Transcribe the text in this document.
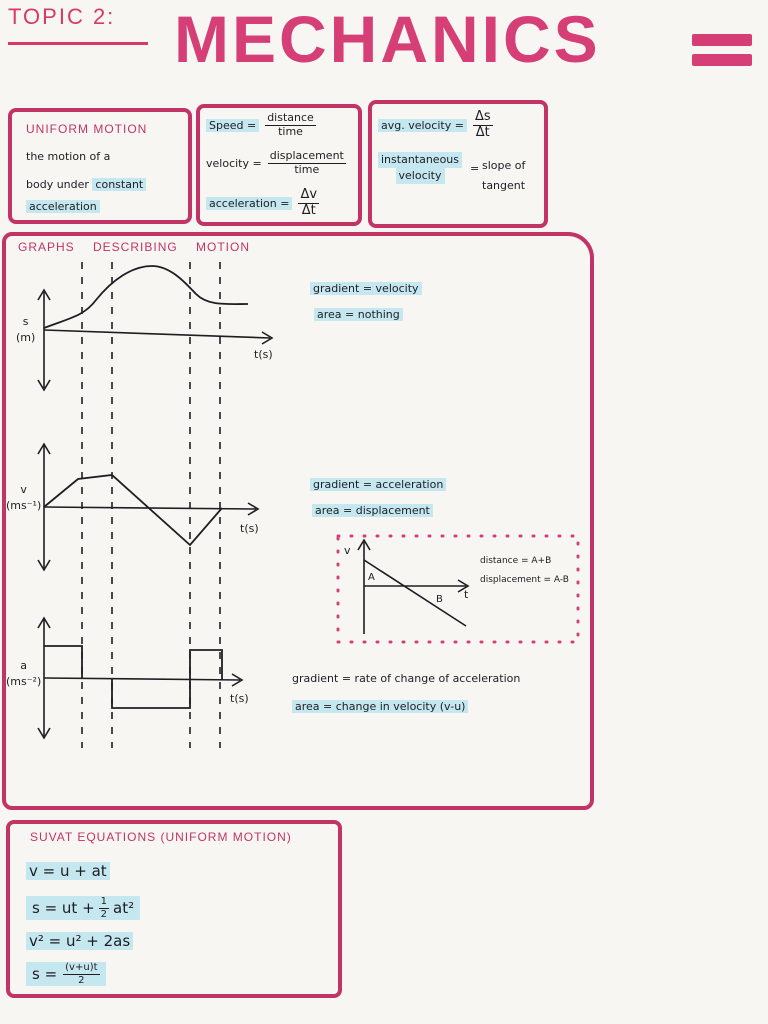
TOPIC 2: MECHANICS
UNIFORM MOTION
the motion of a
body under constant
acceleration
Speed = $\frac{\text{distance}}{\text{time}}$
velocity = $\frac{\text{displacement}}{\text{time}}$
acceleration = $\frac{\Delta v}{\Delta t}$
avg. velocity = $\frac{\Delta s}{\Delta t}$
instantaneous
velocity
= slope of
tangent
GRAPHS DESCRIBING MOTION
s
(m)
t(s)
gradient = velocity
area = nothing
v
(ms⁻¹)
t(s)
gradient = acceleration
area = displacement
v
t
A
B
distance = A+B
displacement = A-B
a
(ms⁻²)
t(s)
gradient = rate of change of acceleration
area = change in velocity (v-u)
SUVAT EQUATIONS (UNIFORM MOTION)
v = u + at
s = ut + $\frac{1}{2} at^2$
v² = u² + 2as
$s = \frac{(v+u)t}{2}$
